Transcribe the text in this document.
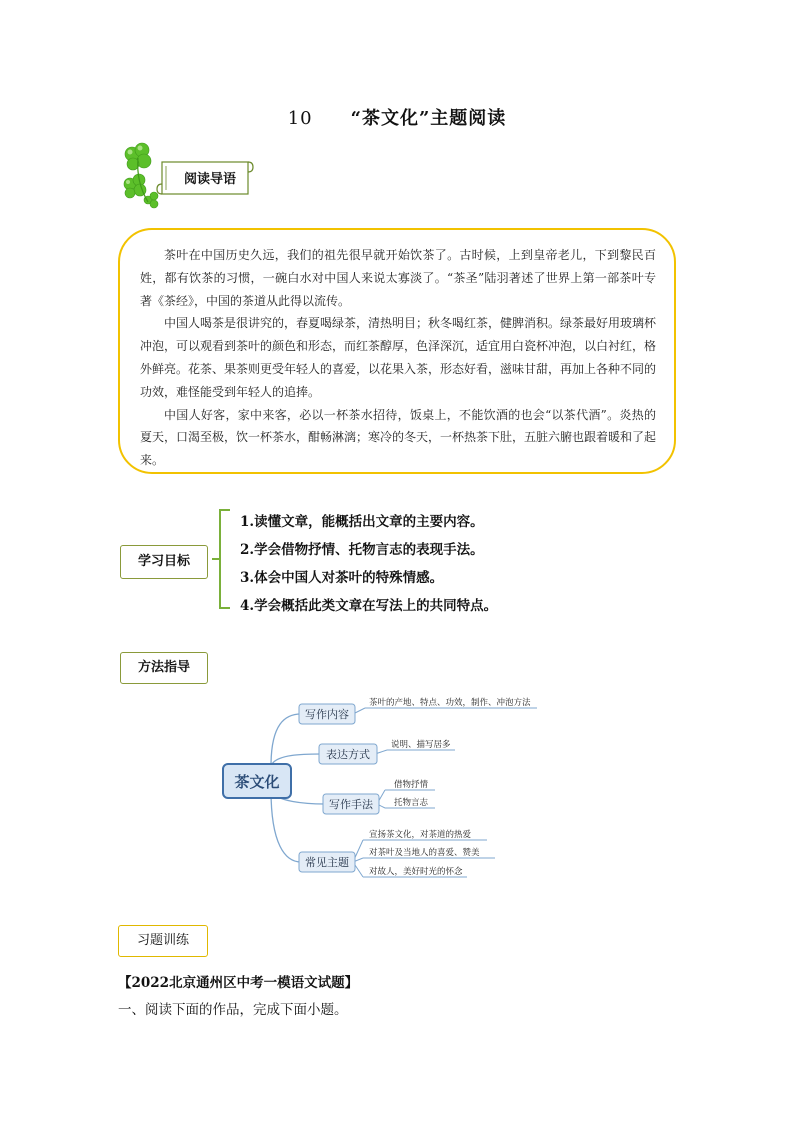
10 “茶文化”主题阅读
阅读导语

茶叶在中国历史久远，我们的祖先很早就开始饮茶了。古时候，上到皇帝老儿，下到黎民百姓，都有饮茶的习惯，一碗白水对中国人来说太寡淡了。“茶圣”陆羽著述了世界上第一部茶叶专著《茶经》，中国的茶道从此得以流传。

中国人喝茶是很讲究的，春夏喝绿茶，清热明目；秋冬喝红茶，健脾消积。绿茶最好用玻璃杯冲泡，可以观看到茶叶的颜色和形态，而红茶醇厚，色泽深沉，适宜用白瓷杯冲泡，以白衬红，格外鲜亮。花茶、果茶则更受年轻人的喜爱，以花果入茶，形态好看，滋味甘甜，再加上各种不同的功效，难怪能受到年轻人的追捧。

中国人好客，家中来客，必以一杯茶水招待，饭桌上，不能饮酒的也会“以茶代酒”。炎热的夏天，口渴至极，饮一杯茶水，酣畅淋漓；寒冷的冬天，一杯热茶下肚，五脏六腑也跟着暖和了起来。

学习目标
1.读懂文章，能概括出文章的主要内容。
2.学会借物抒情、托物言志的表现手法。
3.体会中国人对茶叶的特殊情感。
4.学会概括此类文章在写法上的共同特点。
方法指导
茶文化
写作内容
表达方式
写作手法
常见主题
茶叶的产地、特点、功效，制作、冲泡方法
说明、描写居多
借物抒情
托物言志
宣扬茶文化，对茶道的热爱
对茶叶及当地人的喜爱、赞美
对故人，美好时光的怀念
习题训练
【2022北京通州区中考一模语文试题】
一、阅读下面的作品，完成下面小题。
